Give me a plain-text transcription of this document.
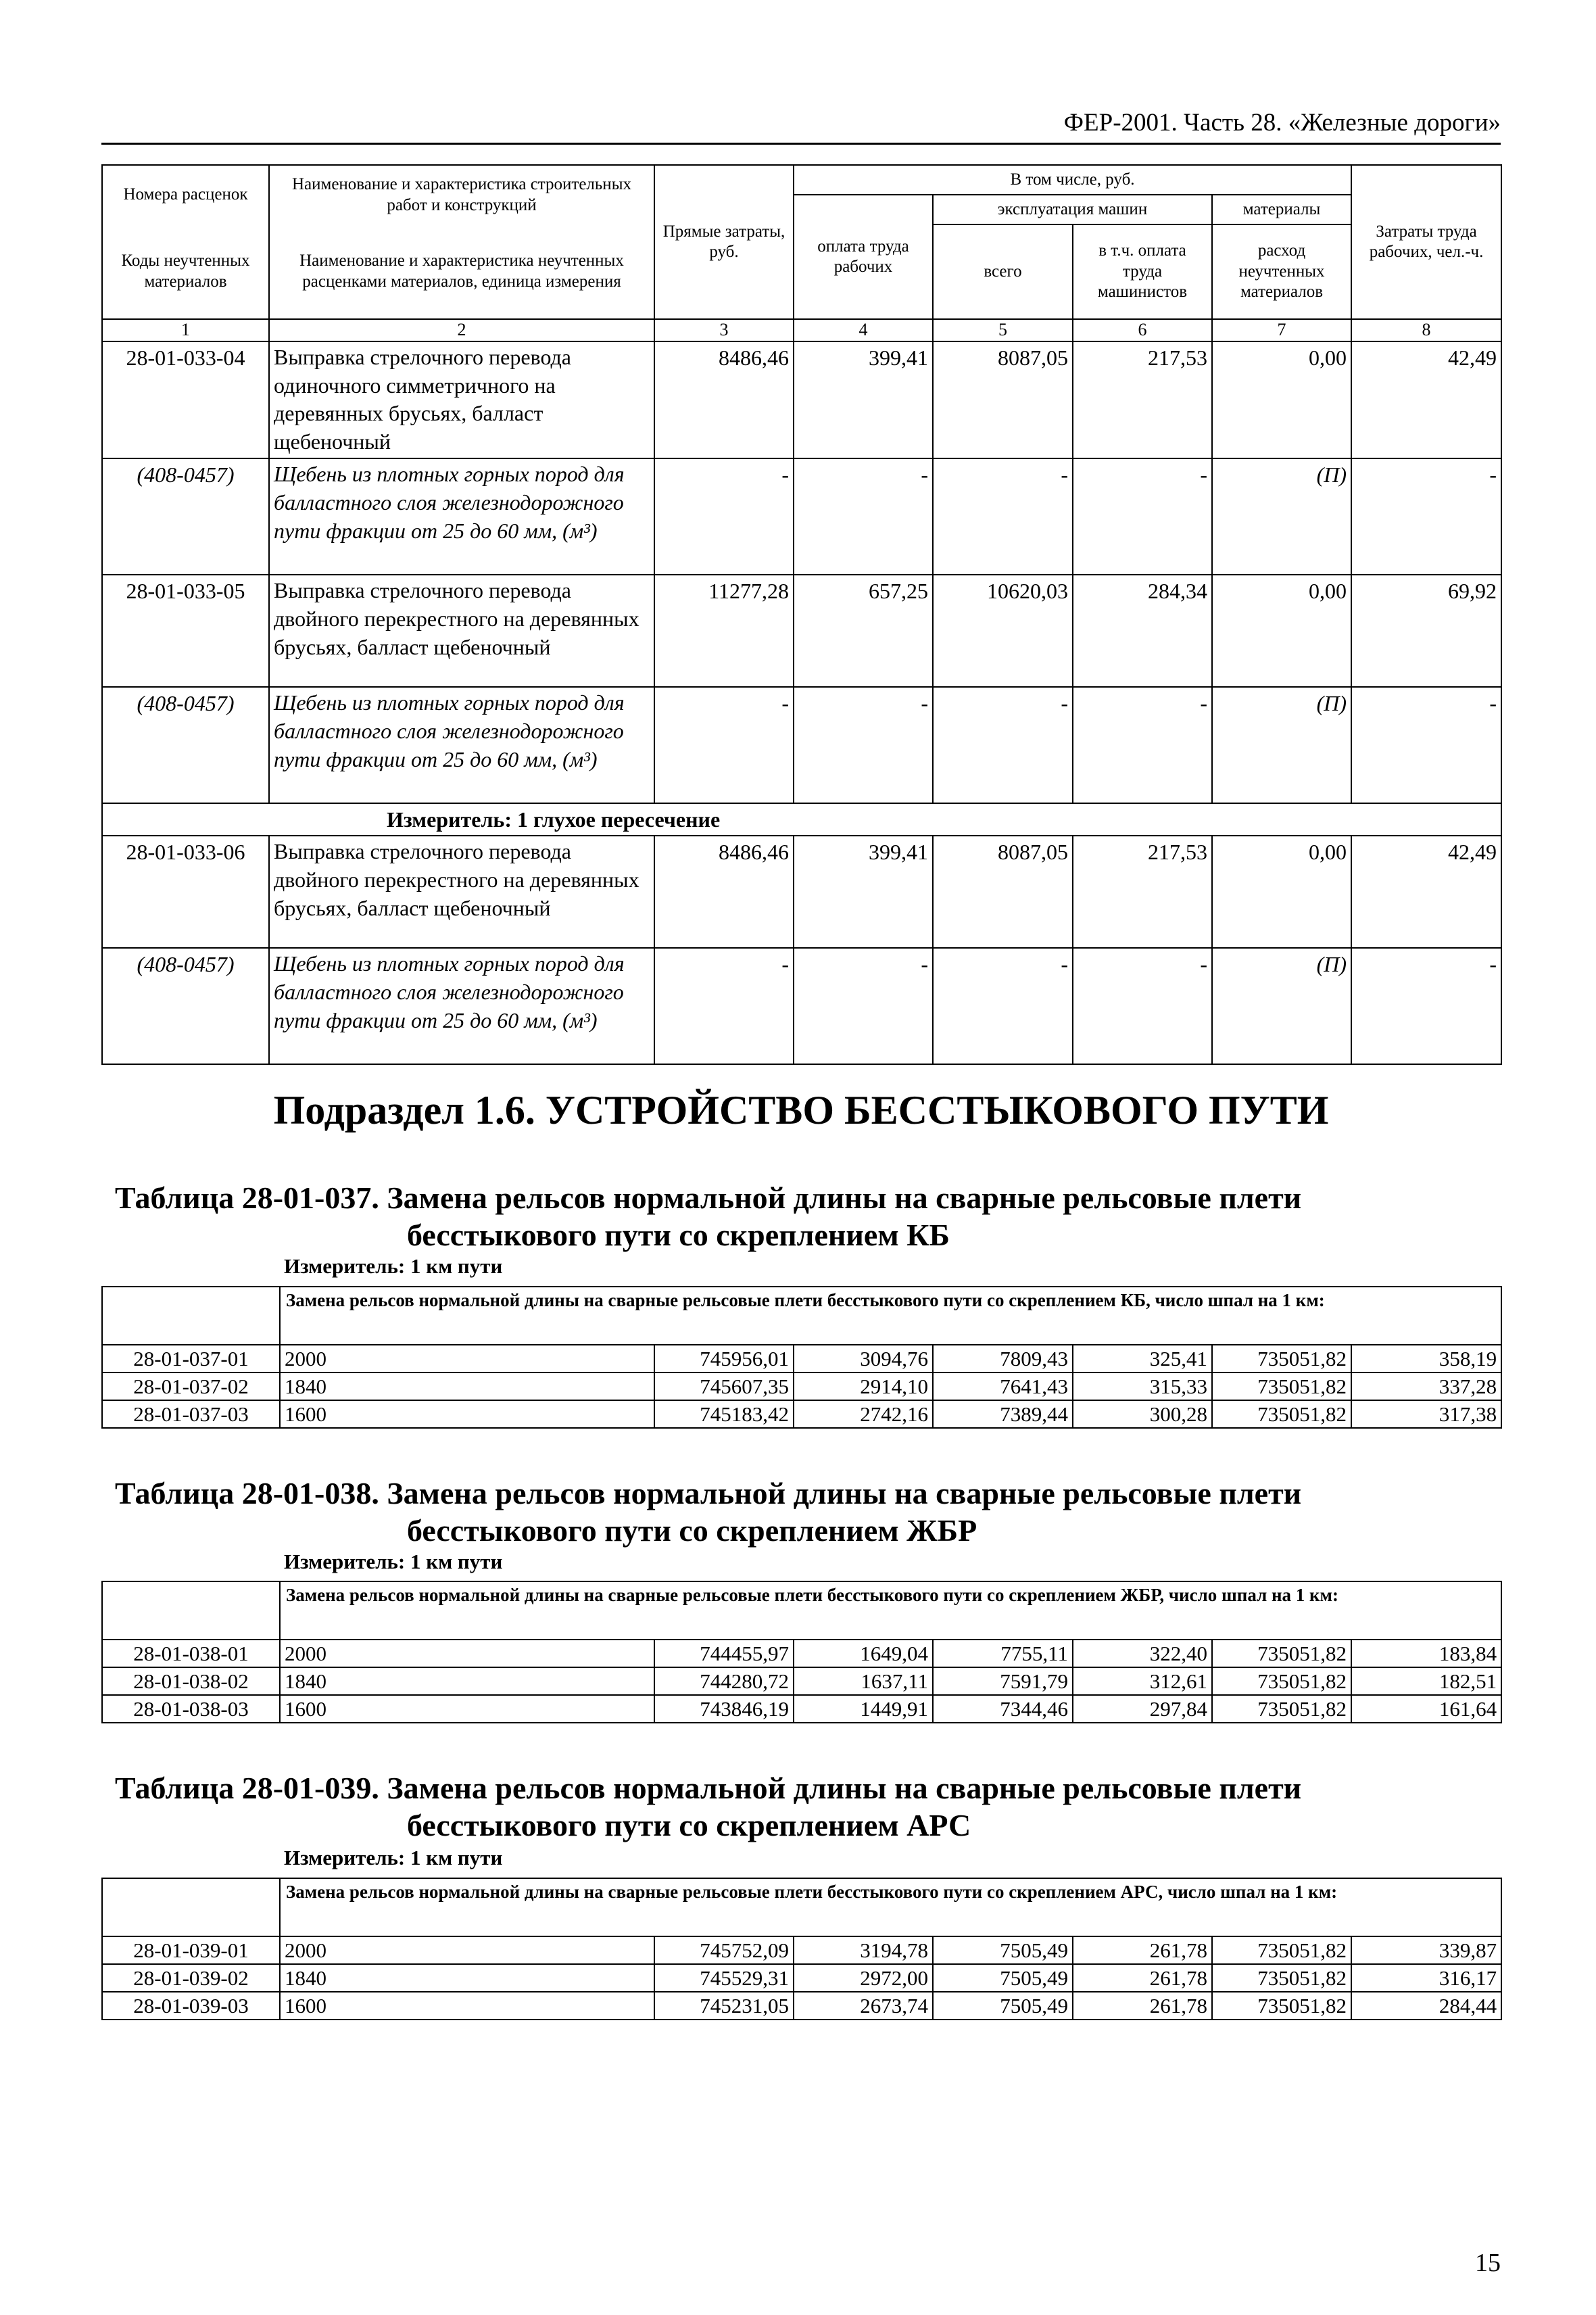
ФЕР-2001. Часть 28. «Железные дороги»
Номера расценок	Наименование и характеристика строительных работ и конструкций	Прямые затраты, руб.	В том числе, руб.				Затраты труда рабочих, чел.-ч.
			оплата труда рабочих	эксплуатация машин		материалы	
Коды неучтенных материалов	Наименование и характеристика неучтенных расценками материалов, единица измерения			всего	в т.ч. оплата труда машинистов	расход неучтенных материалов	
1	2	3	4	5	6	7	8
28-01-033-04	Выправка стрелочного перевода одиночного симметричного на деревянных брусьях, балласт щебеночный	8486,46	399,41	8087,05	217,53	0,00	42,49
(408-0457)	Щебень из плотных горных пород для балластного слоя железнодорожного пути фракции от 25 до 60 мм, (м³)	-	-	-	-	(П)	-
28-01-033-05	Выправка стрелочного перевода двойного перекрестного на деревянных брусьях, балласт щебеночный	11277,28	657,25	10620,03	284,34	0,00	69,92
(408-0457)	Щебень из плотных горных пород для балластного слоя железнодорожного пути фракции от 25 до 60 мм, (м³)	-	-	-	-	(П)	-
Измеритель: 1 глухое пересечение							
28-01-033-06	Выправка стрелочного перевода двойного перекрестного на деревянных брусьях, балласт щебеночный	8486,46	399,41	8087,05	217,53	0,00	42,49
(408-0457)	Щебень из плотных горных пород для балластного слоя железнодорожного пути фракции от 25 до 60 мм, (м³)	-	-	-	-	(П)	-
Подраздел 1.6. УСТРОЙСТВО БЕССТЫКОВОГО ПУТИ
Таблица 28-01-037. Замена рельсов нормальной длины на сварные рельсовые плети
бесстыкового пути со скреплением КБ
Измеритель: 1 км пути
	Замена рельсов нормальной длины на сварные рельсовые плети бесстыкового пути со скреплением КБ, число шпал на 1 км:						
28-01-037-01	2000	745956,01	3094,76	7809,43	325,41	735051,82	358,19
28-01-037-02	1840	745607,35	2914,10	7641,43	315,33	735051,82	337,28
28-01-037-03	1600	745183,42	2742,16	7389,44	300,28	735051,82	317,38
Таблица 28-01-038. Замена рельсов нормальной длины на сварные рельсовые плети
бесстыкового пути со скреплением ЖБР
Измеритель: 1 км пути
	Замена рельсов нормальной длины на сварные рельсовые плети бесстыкового пути со скреплением ЖБР, число шпал на 1 км:						
28-01-038-01	2000	744455,97	1649,04	7755,11	322,40	735051,82	183,84
28-01-038-02	1840	744280,72	1637,11	7591,79	312,61	735051,82	182,51
28-01-038-03	1600	743846,19	1449,91	7344,46	297,84	735051,82	161,64
Таблица 28-01-039. Замена рельсов нормальной длины на сварные рельсовые плети
бесстыкового пути со скреплением АРС
Измеритель: 1 км пути
	Замена рельсов нормальной длины на сварные рельсовые плети бесстыкового пути со скреплением АРС, число шпал на 1 км:						
28-01-039-01	2000	745752,09	3194,78	7505,49	261,78	735051,82	339,87
28-01-039-02	1840	745529,31	2972,00	7505,49	261,78	735051,82	316,17
28-01-039-03	1600	745231,05	2673,74	7505,49	261,78	735051,82	284,44
15
